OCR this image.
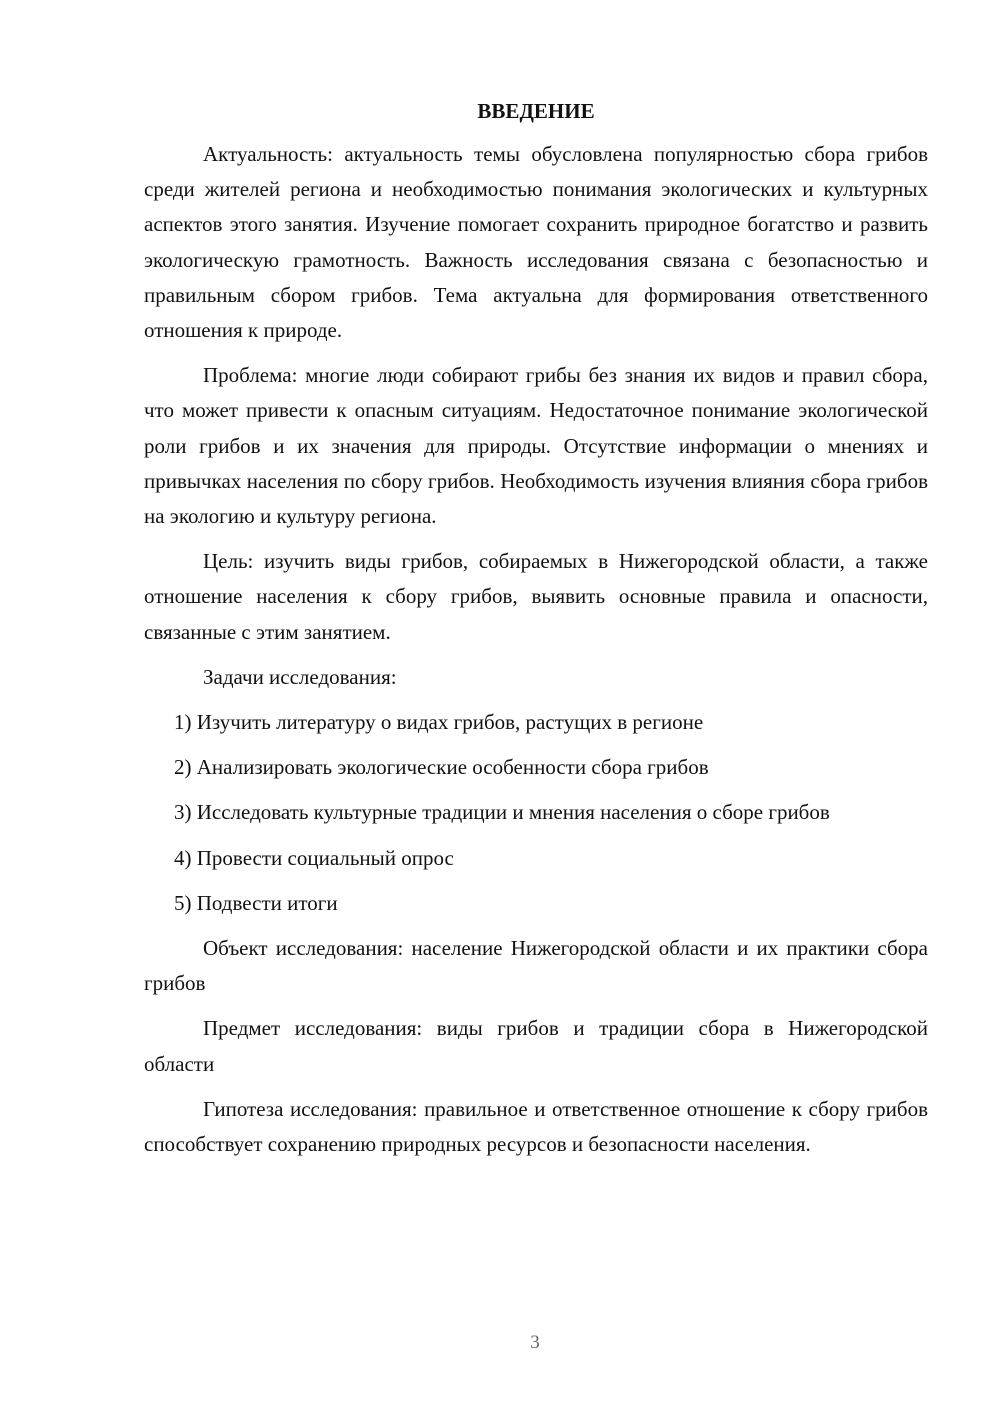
ВВЕДЕНИЕ

Актуальность: актуальность темы обусловлена популярностью сбора грибов среди жителей региона и необходимостью понимания экологических и культурных аспектов этого занятия. Изучение помогает сохранить природное богатство и развить экологическую грамотность. Важность исследования связана с безопасностью и правильным сбором грибов. Тема актуальна для формирования ответственного отношения к природе.

Проблема: многие люди собирают грибы без знания их видов и правил сбора, что может привести к опасным ситуациям. Недостаточное понимание экологической роли грибов и их значения для природы. Отсутствие информации о мнениях и привычках населения по сбору грибов. Необходимость изучения влияния сбора грибов на экологию и культуру региона.

Цель: изучить виды грибов, собираемых в Нижегородской области, а также отношение населения к сбору грибов, выявить основные правила и опасности, связанные с этим занятием.

Задачи исследования:

1) Изучить литературу о видах грибов, растущих в регионе

2) Анализировать экологические особенности сбора грибов

3) Исследовать культурные традиции и мнения населения о сборе грибов

4) Провести социальный опрос

5) Подвести итоги

Объект исследования: население Нижегородской области и их практики сбора грибов

Предмет исследования: виды грибов и традиции сбора в Нижегородской области

Гипотеза исследования: правильное и ответственное отношение к сбору грибов способствует сохранению природных ресурсов и безопасности населения.

3
